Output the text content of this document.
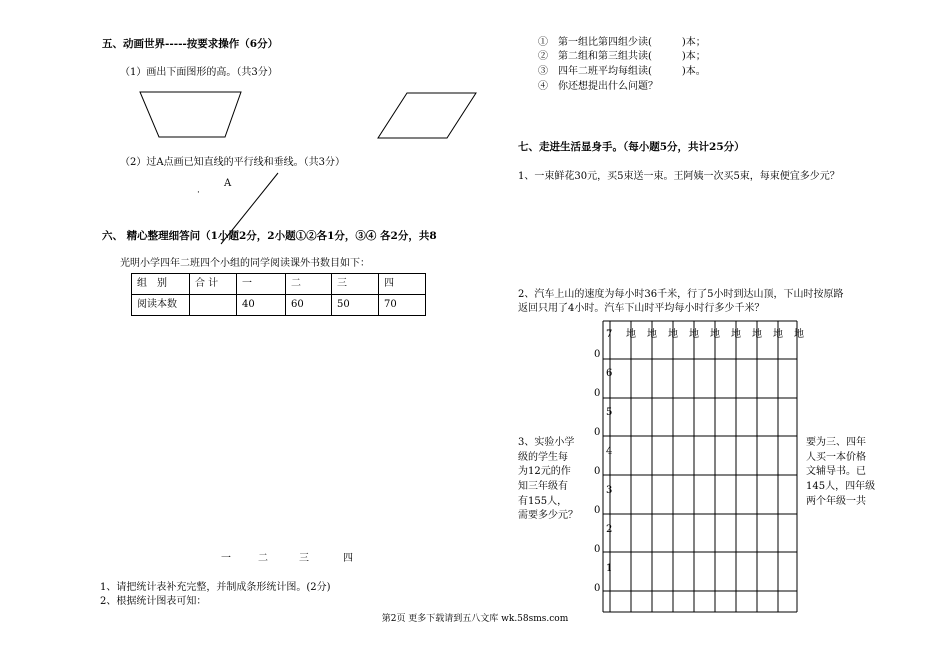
五、动画世界-----按要求操作（6分）
（1）画出下面图形的高。（共3分）
（2）过A点画已知直线的平行线和垂线。（共3分）
A
·
六、 精心整理细答问（1小题2分，2小题①②各1分，③④ 各2分，共8
光明小学四年二班四个小组的同学阅读课外书数目如下：
组　别	合 计	一	二	三	四
阅读本数		40	60	50	70
一	二	三	四
1、请把统计表补充完整，并制成条形统计图。(2分)
2、根据统计图表可知：
①　第一组比第四组少读(　　　)本；
②　第二组和第三组共读(　　　)本；
③　四年二班平均每组读(　　　)本。
④　你还想提出什么问题？
七、走进生活显身手。（每小题5分，共计25分）
1、一束鲜花30元，买5束送一束。王阿姨一次买5束，每束便宜多少元？
2、汽车上山的速度为每小时36千米，行了5小时到达山顶，下山时按原路
返回只用了4小时。汽车下山时平均每小时行多少千米？
3、实验小学
级的学生每
为12元的作
知三年级有
有155人，
需要多少元？
要为三、四年
人买一本价格
文辅导书。已
145人，四年级
两个年级一共
地 地 地 地 地 地 地 地 地
7
6
5
4
3
2
1
0
0
0
0
0
0
0
第2页 更多下载请到五八文库 wk.58sms.com
